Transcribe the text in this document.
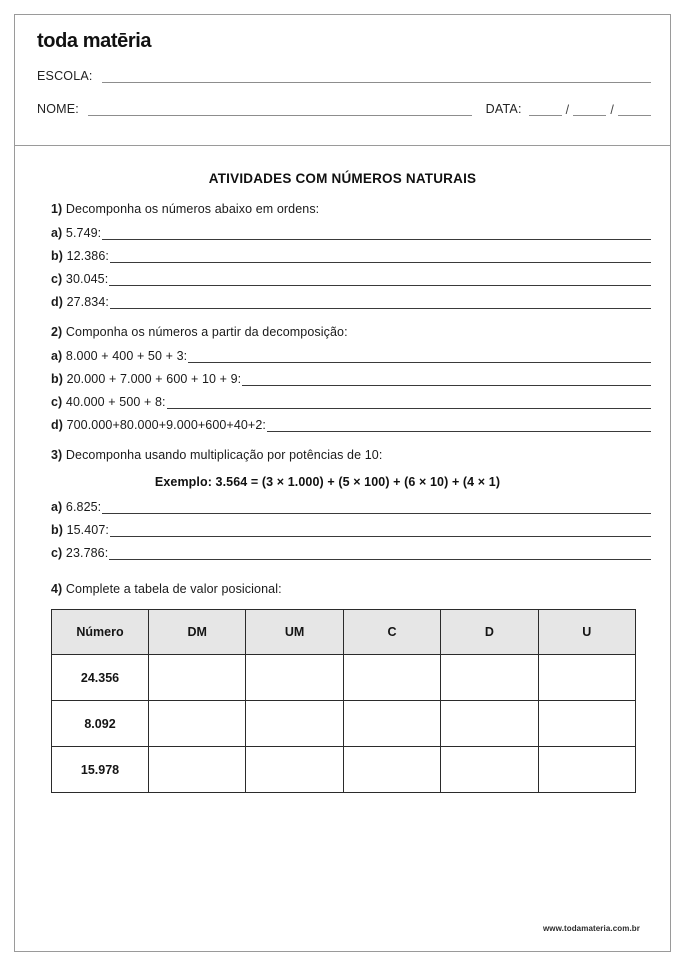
toda matēria
ESCOLA:
NOME:	DATA:	/	/
ATIVIDADES COM NÚMEROS NATURAIS
1) Decomponha os números abaixo em ordens:
a) 5.749:
b) 12.386:
c) 30.045:
d) 27.834:
2) Componha os números a partir da decomposição:
a) 8.000 + 400 + 50 + 3:
b) 20.000 + 7.000 + 600 + 10 + 9:
c) 40.000 + 500 + 8:
d) 700.000+80.000+9.000+600+40+2:
3) Decomponha usando multiplicação por potências de 10:
Exemplo: 3.564 = (3 × 1.000) + (5 × 100) + (6 × 10) + (4 × 1)
a) 6.825:
b) 15.407:
c) 23.786:
4) Complete a tabela de valor posicional:
Número	DM	UM	C	D	U
24.356					
8.092					
15.978					
www.todamateria.com.br
